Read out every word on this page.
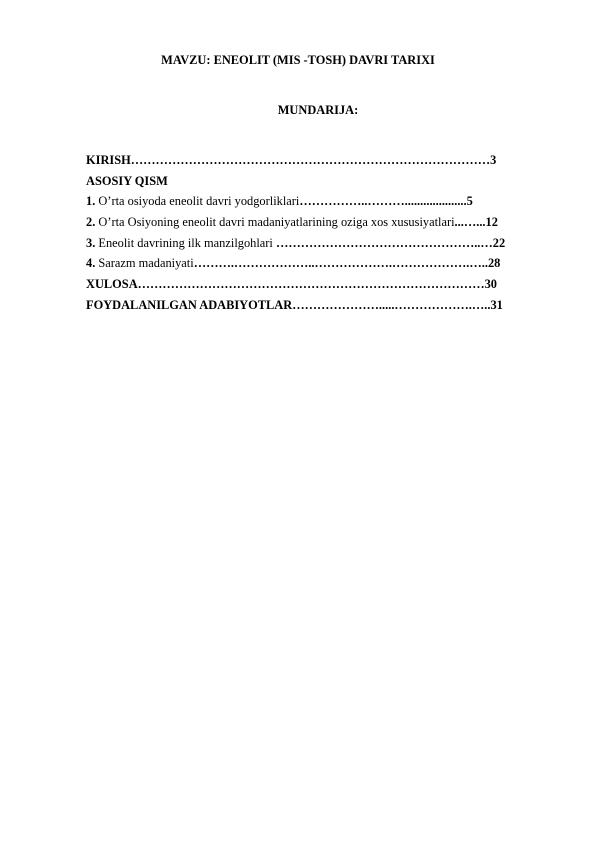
MAVZU: ENEOLIT (MIS -TOSH) DAVRI TARIXI
MUNDARIJA:
KIRISH……………………………………………………………………………3
ASOSIY QISM
1. O’rta osiyoda eneolit davri yodgorliklari……………..………....................5
2. O’rta Osiyoning eneolit davri madaniyatlarining oziga xos xususiyatlari...…...12
3. Eneolit davrining ilk manzilgohlari …………………………………………..…22
4. Sarazm madaniyati……….………………..……………….……………….…..28
XULOSA…………………………………………………………………………30
FOYDALANILGAN ADABIYOTLAR………………….....……………….…..31
